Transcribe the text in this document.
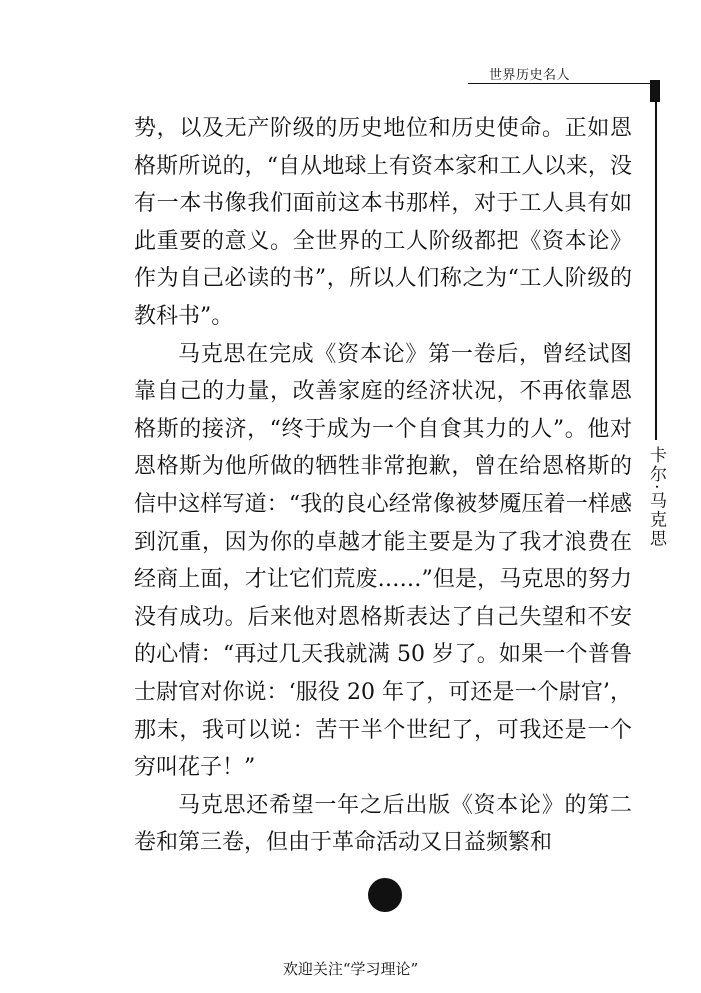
世界历史名人
卡尔·马克思

势，以及无产阶级的历史地位和历史使命。正如恩格斯所说的，“自从地球上有资本家和工人以来，没有一本书像我们面前这本书那样，对于工人具有如此重要的意义。全世界的工人阶级都把《资本论》作为自己必读的书”，所以人们称之为“工人阶级的教科书”。

马克思在完成《资本论》第一卷后，曾经试图靠自己的力量，改善家庭的经济状况，不再依靠恩格斯的接济，“终于成为一个自食其力的人”。他对恩格斯为他所做的牺牲非常抱歉，曾在给恩格斯的信中这样写道：“我的良心经常像被梦魇压着一样感到沉重，因为你的卓越才能主要是为了我才浪费在经商上面，才让它们荒废……”但是，马克思的努力没有成功。后来他对恩格斯表达了自己失望和不安的心情：“再过几天我就满 50 岁了。如果一个普鲁士尉官对你说：‘服役 20 年了，可还是一个尉官’，那末，我可以说：苦干半个世纪了，可我还是一个穷叫花子！”

马克思还希望一年之后出版《资本论》的第二卷和第三卷，但由于革命活动又日益频繁和

欢迎关注“学习理论”
